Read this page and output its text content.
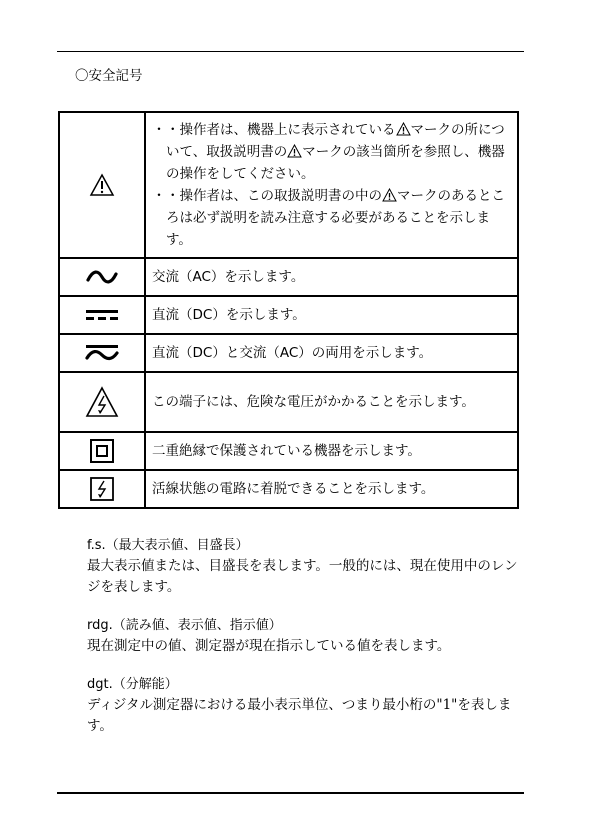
〇安全記号

・ ・操作者は、機器上に表示されている マークの所について、取扱説明書の マークの該当箇所を参照し、機器の操作をしてください。
・ ・操作者は、この取扱説明書の中の マークのあるところは必ず説明を読み注意する必要があることを示します。

	交流（AC）を示します。

	直流（DC）を示します。

	直流（DC）と交流（AC）の両用を示します。

	この端子には、危険な電圧がかかることを示します。

	二重絶縁で保護されている機器を示します。

	活線状態の電路に着脱できることを示します。
f.s.（最大表示値、目盛長）
最大表示値または、目盛長を表します。一般的には、現在使用中のレンジを表します。
rdg.（読み値、表示値、指示値）
現在測定中の値、測定器が現在指示している値を表します。
dgt.（分解能）
ディジタル測定器における最小表示単位、つまり最小桁の"1"を表します。
